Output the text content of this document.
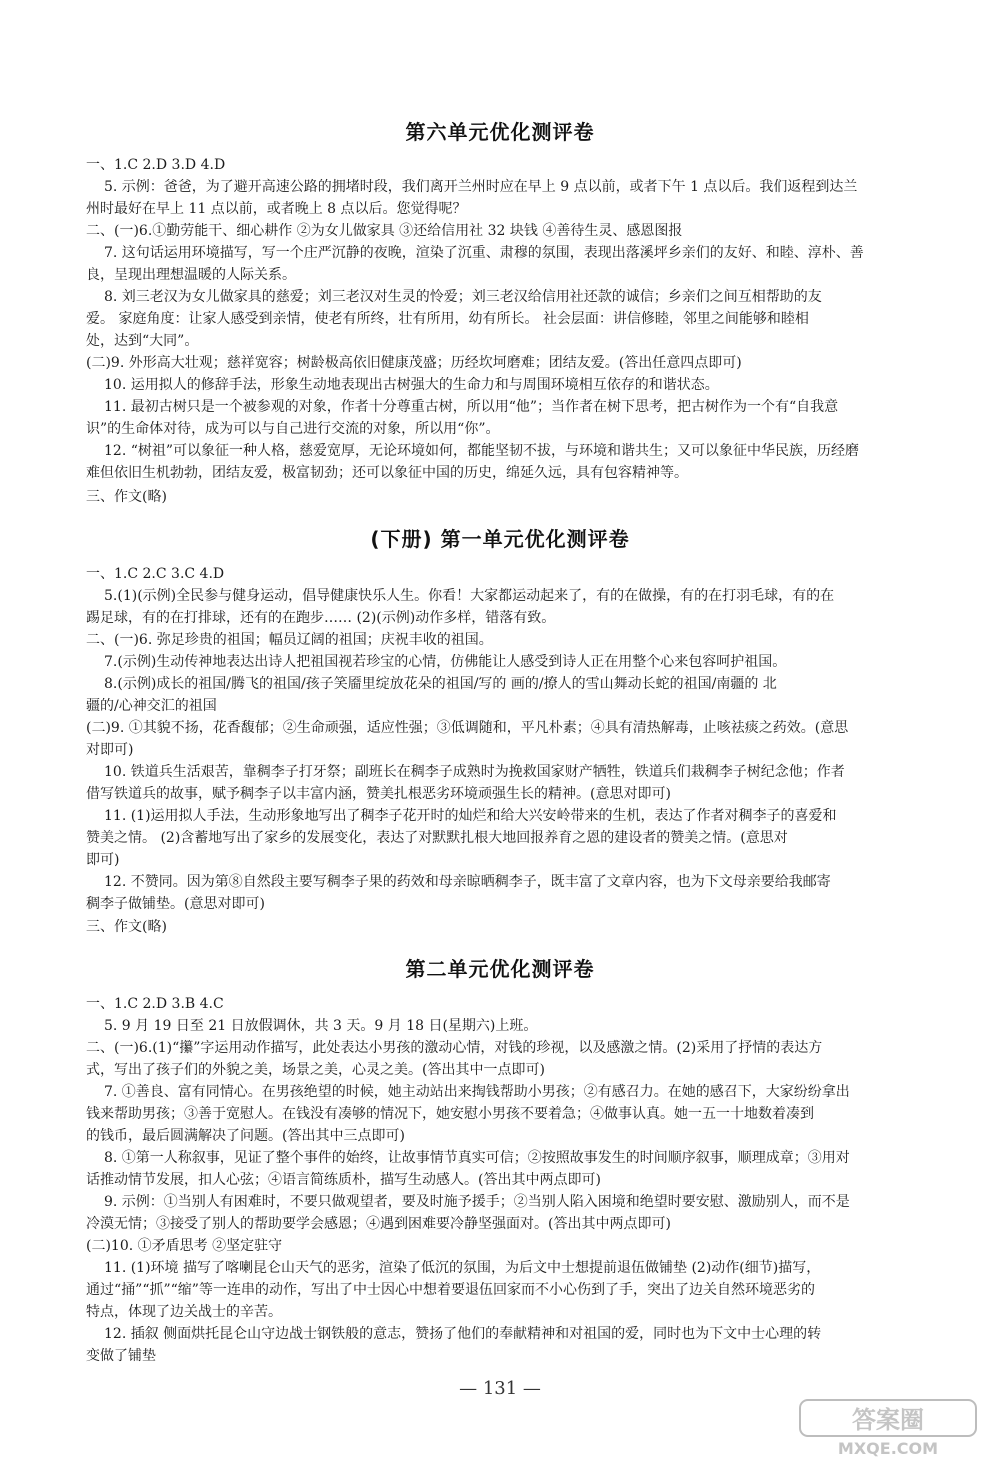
第六单元优化测评卷
一、1.C 2.D 3.D 4.D
5. 示例：爸爸，为了避开高速公路的拥堵时段，我们离开兰州时应在早上 9 点以前，或者下午 1 点以后。我们返程到达兰
州时最好在早上 11 点以前，或者晚上 8 点以后。您觉得呢？
二、(一)6.①勤劳能干、细心耕作 ②为女儿做家具 ③还给信用社 32 块钱 ④善待生灵、感恩图报
7. 这句话运用环境描写，写一个庄严沉静的夜晚，渲染了沉重、肃穆的氛围，表现出落溪坪乡亲们的友好、和睦、淳朴、善
良，呈现出理想温暖的人际关系。
8. 刘三老汉为女儿做家具的慈爱；刘三老汉对生灵的怜爱；刘三老汉给信用社还款的诚信；乡亲们之间互相帮助的友
爱。 家庭角度：让家人感受到亲情，使老有所终，壮有所用，幼有所长。 社会层面：讲信修睦，邻里之间能够和睦相
处，达到“大同”。
(二)9. 外形高大壮观；慈祥宽容；树龄极高依旧健康茂盛；历经坎坷磨难；团结友爱。(答出任意四点即可)
10. 运用拟人的修辞手法，形象生动地表现出古树强大的生命力和与周围环境相互依存的和谐状态。
11. 最初古树只是一个被参观的对象，作者十分尊重古树，所以用“他”；当作者在树下思考，把古树作为一个有“自我意
识”的生命体对待，成为可以与自己进行交流的对象，所以用“你”。
12. “树祖”可以象征一种人格，慈爱宽厚，无论环境如何，都能坚韧不拔，与环境和谐共生；又可以象征中华民族，历经磨
难但依旧生机勃勃，团结友爱，极富韧劲；还可以象征中国的历史，绵延久远，具有包容精神等。
三、作文(略)
(下册) 第一单元优化测评卷
一、1.C 2.C 3.C 4.D
5.(1)(示例)全民参与健身运动，倡导健康快乐人生。你看！大家都运动起来了，有的在做操，有的在打羽毛球，有的在
踢足球，有的在打排球，还有的在跑步…… (2)(示例)动作多样，错落有致。
二、(一)6. 弥足珍贵的祖国；幅员辽阔的祖国；庆祝丰收的祖国。
7.(示例)生动传神地表达出诗人把祖国视若珍宝的心情，仿佛能让人感受到诗人正在用整个心来包容呵护祖国。
8.(示例)成长的祖国/腾飞的祖国/孩子笑靥里绽放花朵的祖国/写的 画的/撩人的雪山舞动长蛇的祖国/南疆的 北
疆的/心神交汇的祖国
(二)9. ①其貌不扬，花香馥郁；②生命顽强，适应性强；③低调随和，平凡朴素；④具有清热解毒，止咳祛痰之药效。(意思
对即可)
10. 铁道兵生活艰苦，靠稠李子打牙祭；副班长在稠李子成熟时为挽救国家财产牺牲，铁道兵们栽稠李子树纪念他；作者
借写铁道兵的故事，赋予稠李子以丰富内涵，赞美扎根恶劣环境顽强生长的精神。(意思对即可)
11. (1)运用拟人手法，生动形象地写出了稠李子花开时的灿烂和给大兴安岭带来的生机，表达了作者对稠李子的喜爱和
赞美之情。 (2)含蓄地写出了家乡的发展变化，表达了对默默扎根大地回报养育之恩的建设者的赞美之情。(意思对
即可)
12. 不赞同。因为第⑧自然段主要写稠李子果的药效和母亲晾晒稠李子，既丰富了文章内容，也为下文母亲要给我邮寄
稠李子做铺垫。(意思对即可)
三、作文(略)
第二单元优化测评卷
一、1.C 2.D 3.B 4.C
5. 9 月 19 日至 21 日放假调休，共 3 天。9 月 18 日(星期六)上班。
二、(一)6.(1)“攥”字运用动作描写，此处表达小男孩的激动心情，对钱的珍视，以及感激之情。(2)采用了抒情的表达方
式，写出了孩子们的外貌之美，场景之美，心灵之美。(答出其中一点即可)
7. ①善良、富有同情心。在男孩绝望的时候，她主动站出来掏钱帮助小男孩；②有感召力。在她的感召下，大家纷纷拿出
钱来帮助男孩；③善于宽慰人。在钱没有凑够的情况下，她安慰小男孩不要着急；④做事认真。她一五一十地数着凑到
的钱币，最后圆满解决了问题。(答出其中三点即可)
8. ①第一人称叙事，见证了整个事件的始终，让故事情节真实可信；②按照故事发生的时间顺序叙事，顺理成章；③用对
话推动情节发展，扣人心弦；④语言简练质朴，描写生动感人。(答出其中两点即可)
9. 示例：①当别人有困难时，不要只做观望者，要及时施予援手；②当别人陷入困境和绝望时要安慰、激励别人，而不是
冷漠无情；③接受了别人的帮助要学会感恩；④遇到困难要冷静坚强面对。(答出其中两点即可)
(二)10. ①矛盾思考 ②坚定驻守
11. (1)环境 描写了喀喇昆仑山天气的恶劣，渲染了低沉的氛围，为后文中士想提前退伍做铺垫 (2)动作(细节)描写，
通过“捅”“抓”“缩”等一连串的动作，写出了中士因心中想着要退伍回家而不小心伤到了手，突出了边关自然环境恶劣的
特点，体现了边关战士的辛苦。
12. 插叙 侧面烘托昆仑山守边战士钢铁般的意志，赞扬了他们的奉献精神和对祖国的爱，同时也为下文中士心理的转
变做了铺垫
— 131 —
答案圈
MXQE.COM
